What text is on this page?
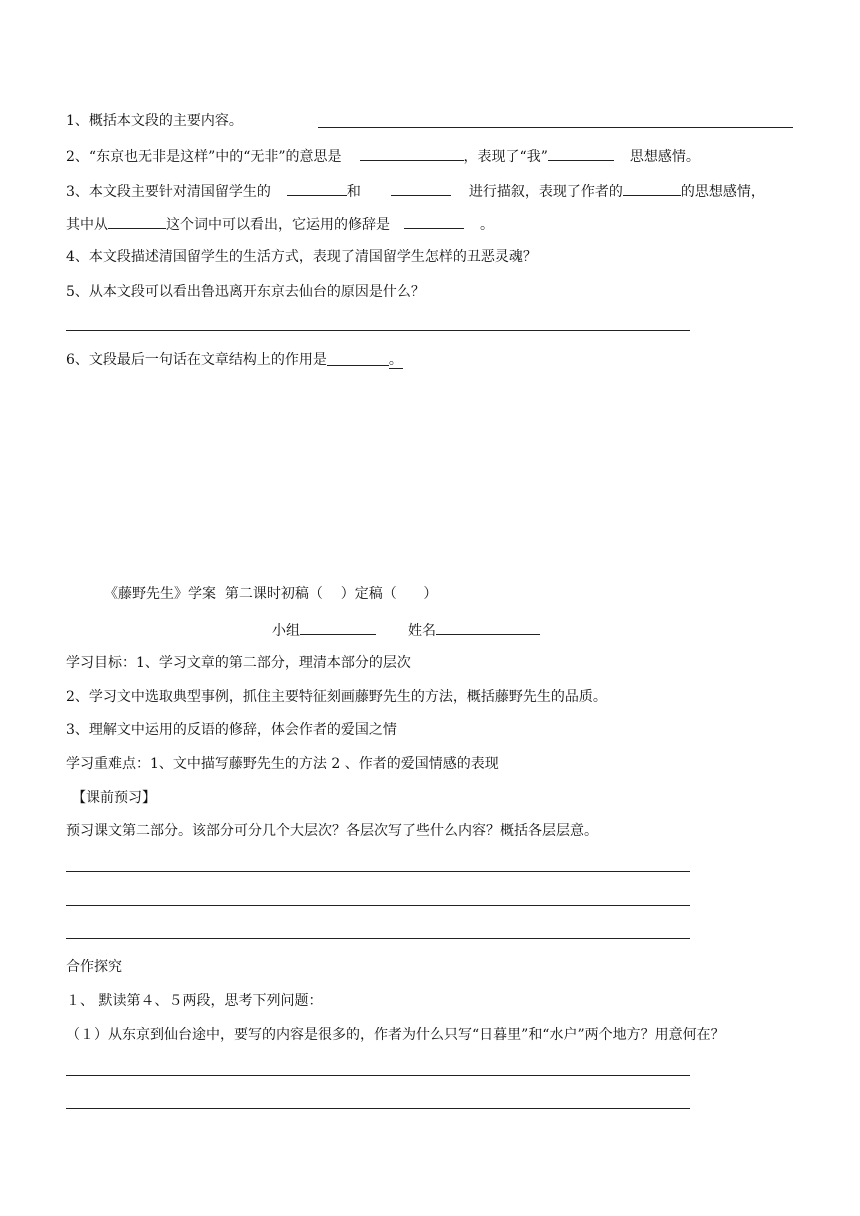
1、概括本文段的主要内容。
2、“东京也无非是这样”中的“无非”的意思是	，表现了“我”	思想感情。
3、本文段主要针对清国留学生的	和	进行描叙，表现了作者的	的思想感情，
其中从	这个词中可以看出，它运用的修辞是	。
4、本文段描述清国留学生的生活方式，表现了清国留学生怎样的丑恶灵魂？
5、从本文段可以看出鲁迅离开东京去仙台的原因是什么？
6、文段最后一句话在文章结构上的作用是	。
《藤野先生》学案  第二课时初稿（    ）定稿（      ）
小组	姓名
学习目标：1、学习文章的第二部分，理清本部分的层次
2、学习文中选取典型事例，抓住主要特征刻画藤野先生的方法，概括藤野先生的品质。
3、理解文中运用的反语的修辞，体会作者的爱国之情
学习重难点：1、文中描写藤野先生的方法 2 、作者的爱国情感的表现
【课前预习】
预习课文第二部分。该部分可分几个大层次？各层次写了些什么内容？概括各层层意。
合作探究
１、 默读第４、５两段，思考下列问题：
（１）从东京到仙台途中，要写的内容是很多的，作者为什么只写“日暮里”和“水户”两个地方？用意何在？
